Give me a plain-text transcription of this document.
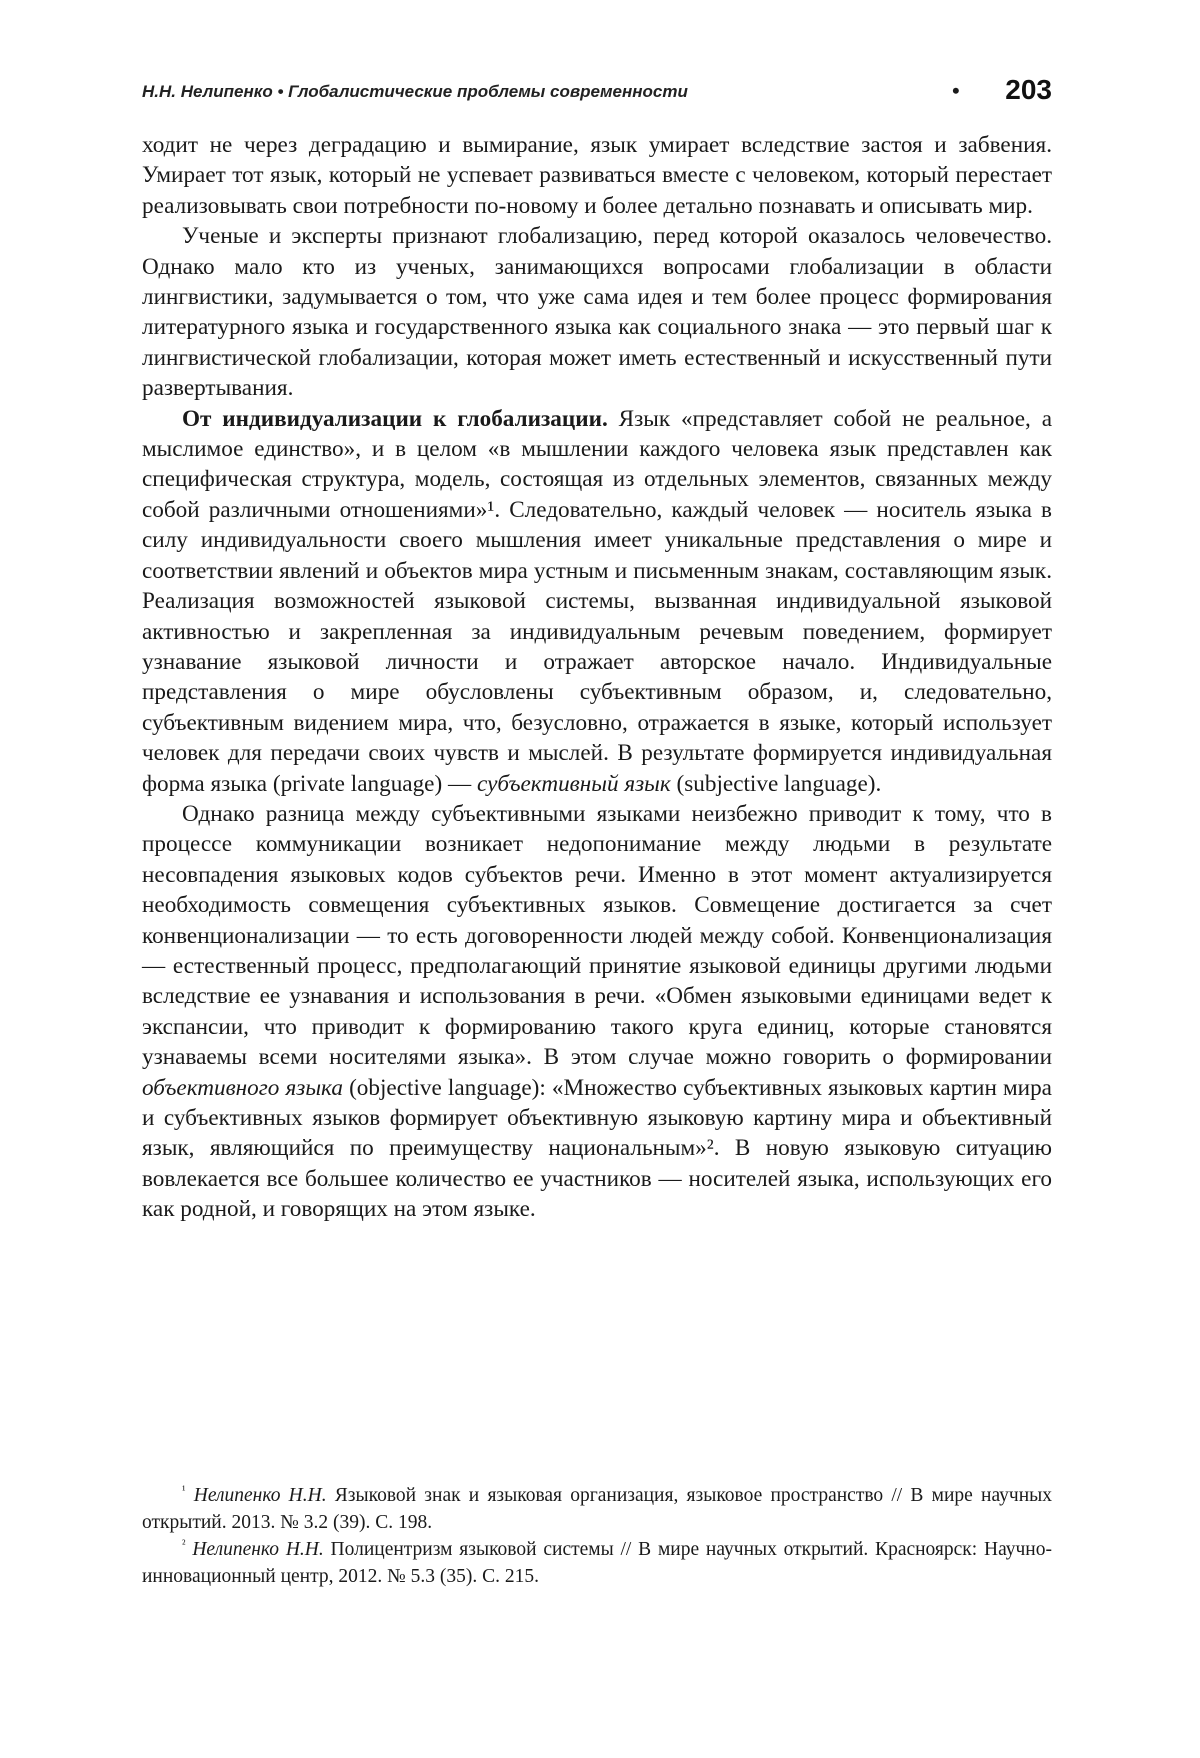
Н.Н. Нелипенко • Глобалистические проблемы современности	• 203

ходит не через деградацию и вымирание, язык умирает вследствие застоя и забвения. Умирает тот язык, который не успевает развиваться вместе с человеком, который перестает реализовывать свои потребности по-новому и более детально познавать и описывать мир.

Ученые и эксперты признают глобализацию, перед которой оказалось человечество. Однако мало кто из ученых, занимающихся вопросами глобализации в области лингвистики, задумывается о том, что уже сама идея и тем более процесс формирования литературного языка и государственного языка как социального знака — это первый шаг к лингвистической глобализации, которая может иметь естественный и искусственный пути развертывания.

От индивидуализации к глобализации. Язык «представляет собой не реальное, а мыслимое единство», и в целом «в мышлении каждого человека язык представлен как специфическая структура, модель, состоящая из отдельных элементов, связанных между собой различными отношениями»¹. Следовательно, каждый человек — носитель языка в силу индивидуальности своего мышления имеет уникальные представления о мире и соответствии явлений и объектов мира устным и письменным знакам, составляющим язык. Реализация возможностей языковой системы, вызванная индивидуальной языковой активностью и закрепленная за индивидуальным речевым поведением, формирует узнавание языковой личности и отражает авторское начало. Индивидуальные представления о мире обусловлены субъективным образом, и, следовательно, субъективным видением мира, что, безусловно, отражается в языке, который использует человек для передачи своих чувств и мыслей. В результате формируется индивидуальная форма языка (private language) — субъективный язык (subjective language).

Однако разница между субъективными языками неизбежно приводит к тому, что в процессе коммуникации возникает недопонимание между людьми в результате несовпадения языковых кодов субъектов речи. Именно в этот момент актуализируется необходимость совмещения субъективных языков. Совмещение достигается за счет конвенционализации — то есть договоренности людей между собой. Конвенционализация — естественный процесс, предполагающий принятие языковой единицы другими людьми вследствие ее узнавания и использования в речи. «Обмен языковыми единицами ведет к экспансии, что приводит к формированию такого круга единиц, которые становятся узнаваемы всеми носителями языка». В этом случае можно говорить о формировании объективного языка (objective language): «Множество субъективных языковых картин мира и субъективных языков формирует объективную языковую картину мира и объективный язык, являющийся по преимуществу национальным»². В новую языковую ситуацию вовлекается все большее количество ее участников — носителей языка, использующих его как родной, и говорящих на этом языке.

$^{^1}$ Нелипенко Н.Н. Языковой знак и языковая организация, языковое пространство // В мире научных открытий. 2013. № 3.2 (39). С. 198.

$^{^2}$ Нелипенко Н.Н. Полицентризм языковой системы // В мире научных открытий. Красноярск: Научно-инновационный центр, 2012. № 5.3 (35). С. 215.
